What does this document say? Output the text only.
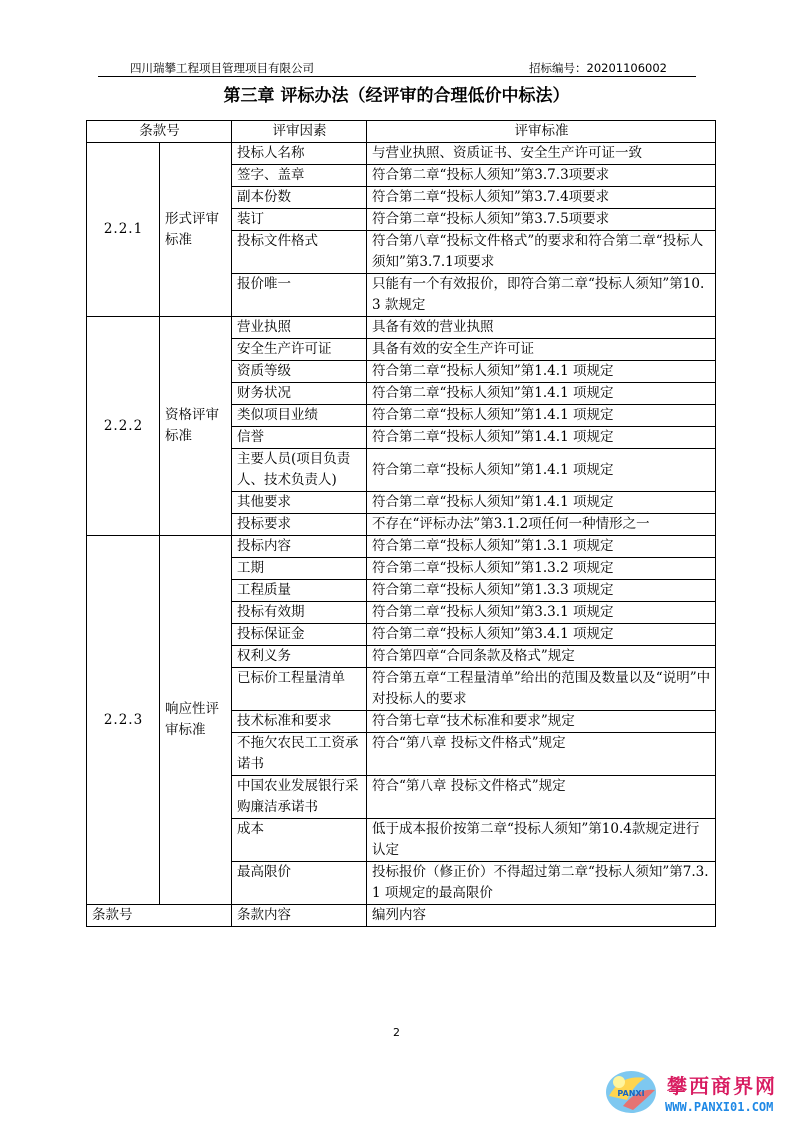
四川瑞攀工程项目管理项目有限公司	招标编号：20201106002
第三章 评标办法（经评审的合理低价中标法）
条款号		评审因素	评审标准
2.2.1	形式评审标准	投标人名称	与营业执照、资质证书、安全生产许可证一致
		签字、盖章	符合第二章“投标人须知”第3.7.3项要求
		副本份数	符合第二章“投标人须知”第3.7.4项要求
		装订	符合第二章“投标人须知”第3.7.5项要求
		投标文件格式	符合第八章“投标文件格式”的要求和符合第二章“投标人须知”第3.7.1项要求
		报价唯一	只能有一个有效报价，即符合第二章“投标人须知”第10.3 款规定
2.2.2	资格评审标准	营业执照	具备有效的营业执照
		安全生产许可证	具备有效的安全生产许可证
		资质等级	符合第二章“投标人须知”第1.4.1 项规定
		财务状况	符合第二章“投标人须知”第1.4.1 项规定
		类似项目业绩	符合第二章“投标人须知”第1.4.1 项规定
		信誉	符合第二章“投标人须知”第1.4.1 项规定
		主要人员(项目负责人、技术负责人)	符合第二章“投标人须知”第1.4.1 项规定
		其他要求	符合第二章“投标人须知”第1.4.1 项规定
		投标要求	不存在“评标办法”第3.1.2项任何一种情形之一
2.2.3	响应性评审标准	投标内容	符合第二章“投标人须知”第1.3.1 项规定
		工期	符合第二章“投标人须知”第1.3.2 项规定
		工程质量	符合第二章“投标人须知”第1.3.3 项规定
		投标有效期	符合第二章“投标人须知”第3.3.1 项规定
		投标保证金	符合第二章“投标人须知”第3.4.1 项规定
		权利义务	符合第四章“合同条款及格式”规定
		已标价工程量清单	符合第五章“工程量清单”给出的范围及数量以及“说明”中对投标人的要求
		技术标准和要求	符合第七章“技术标准和要求”规定
		不拖欠农民工工资承诺书	符合“第八章 投标文件格式”规定
		中国农业发展银行采购廉洁承诺书	符合“第八章 投标文件格式”规定
		成本	低于成本报价按第二章“投标人须知”第10.4款规定进行认定
		最高限价	投标报价（修正价）不得超过第二章“投标人须知”第7.3.1 项规定的最高限价
条款号		条款内容	编列内容
2
PANXI 攀西商界网
WWW.PANXI01.COM
